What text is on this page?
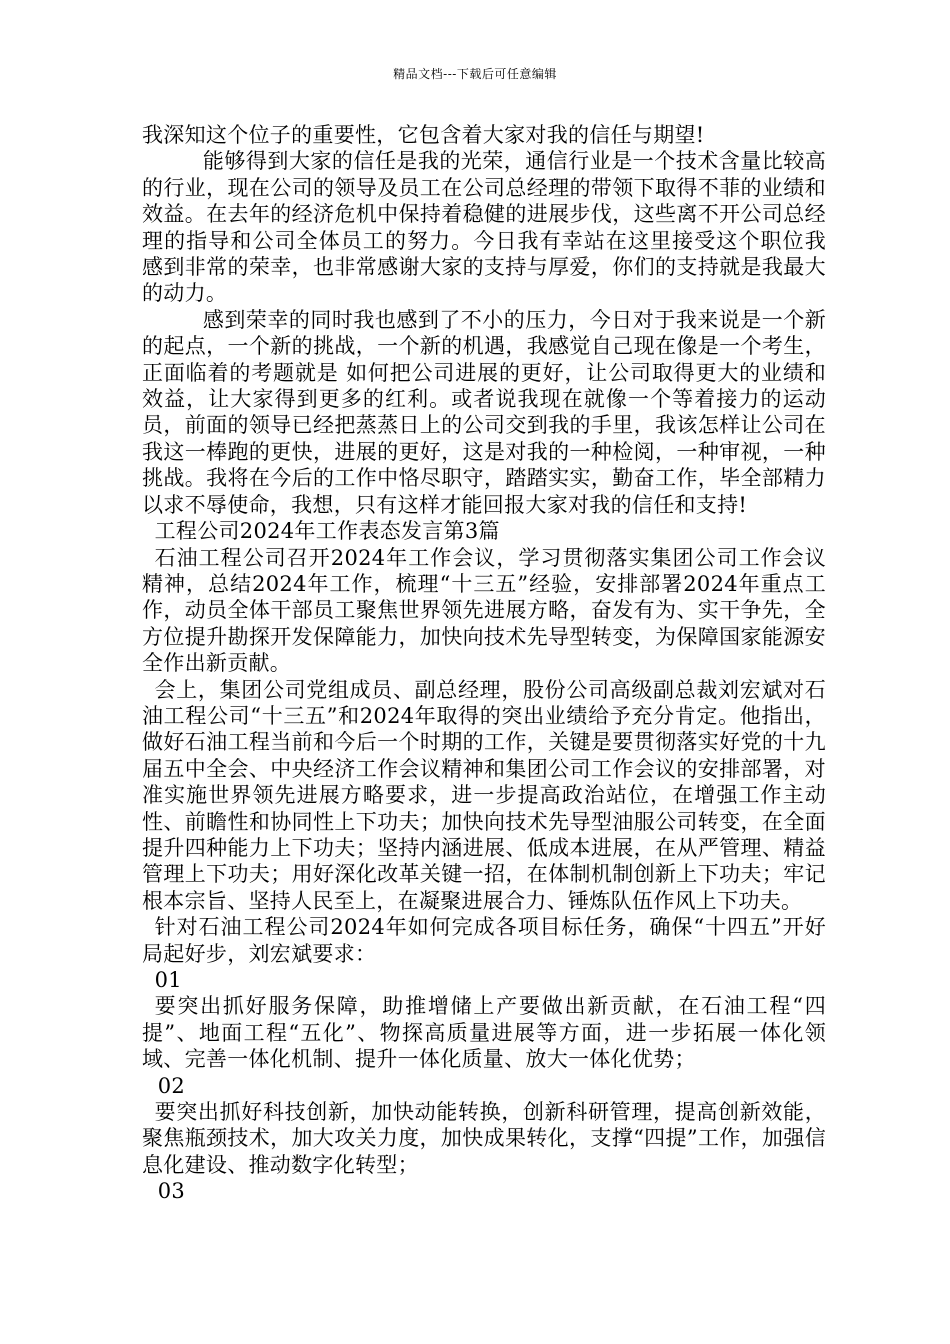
精品文档---下载后可任意编辑

我深知这个位子的重要性，它包含着大家对我的信任与期望!

能够得到大家的信任是我的光荣，通信行业是一个技术含量比较高的行业，现在公司的领导及员工在公司总经理的带领下取得不菲的业绩和效益。在去年的经济危机中保持着稳健的进展步伐，这些离不开公司总经理的指导和公司全体员工的努力。今日我有幸站在这里接受这个职位我 感到非常的荣幸，也非常感谢大家的支持与厚爱，你们的支持就是我最大的动力。

感到荣幸的同时我也感到了不小的压力，今日对于我来说是一个新的起点，一个新的挑战，一个新的机遇，我感觉自己现在像是一个考生，正面临着的考题就是 如何把公司进展的更好，让公司取得更大的业绩和效益，让大家得到更多的红利。或者说我现在就像一个等着接力的运动员，前面的领导已经把蒸蒸日上的公司交到我的手里，我该怎样让公司在我这一棒跑的更快，进展的更好，这是对我的一种检阅，一种审视，一种挑战。我将在今后的工作中恪尽职守，踏踏实实，勤奋工作，毕全部精力以求不辱使命，我想，只有这样才能回报大家对我的信任和支持!

工程公司2024年工作表态发言第3篇

石油工程公司召开2024年工作会议，学习贯彻落实集团公司工作会议精神，总结2024年工作，梳理“十三五”经验，安排部署2024年重点工作，动员全体干部员工聚焦世界领先进展方略，奋发有为、实干争先，全方位提升勘探开发保障能力，加快向技术先导型转变，为保障国家能源安全作出新贡献。

会上，集团公司党组成员、副总经理，股份公司高级副总裁刘宏斌对石油工程公司“十三五”和2024年取得的突出业绩给予充分肯定。他指出，做好石油工程当前和今后一个时期的工作，关键是要贯彻落实好党的十九届五中全会、中央经济工作会议精神和集团公司工作会议的安排部署，对准实施世界领先进展方略要求，进一步提高政治站位，在增强工作主动性、前瞻性和协同性上下功夫；加快向技术先导型油服公司转变，在全面提升四种能力上下功夫；坚持内涵进展、低成本进展，在从严管理、精益管理上下功夫；用好深化改革关键一招，在体制机制创新上下功夫；牢记根本宗旨、坚持人民至上，在凝聚进展合力、锤炼队伍作风上下功夫。

针对石油工程公司2024年如何完成各项目标任务，确保“十四五”开好局起好步，刘宏斌要求：

01

要突出抓好服务保障，助推增储上产要做出新贡献，在石油工程“四提”、地面工程“五化”、物探高质量进展等方面，进一步拓展一体化领域、完善一体化机制、提升一体化质量、放大一体化优势；

02

要突出抓好科技创新，加快动能转换，创新科研管理，提高创新效能，聚焦瓶颈技术，加大攻关力度，加快成果转化，支撑“四提”工作，加强信息化建设、推动数字化转型；

03
